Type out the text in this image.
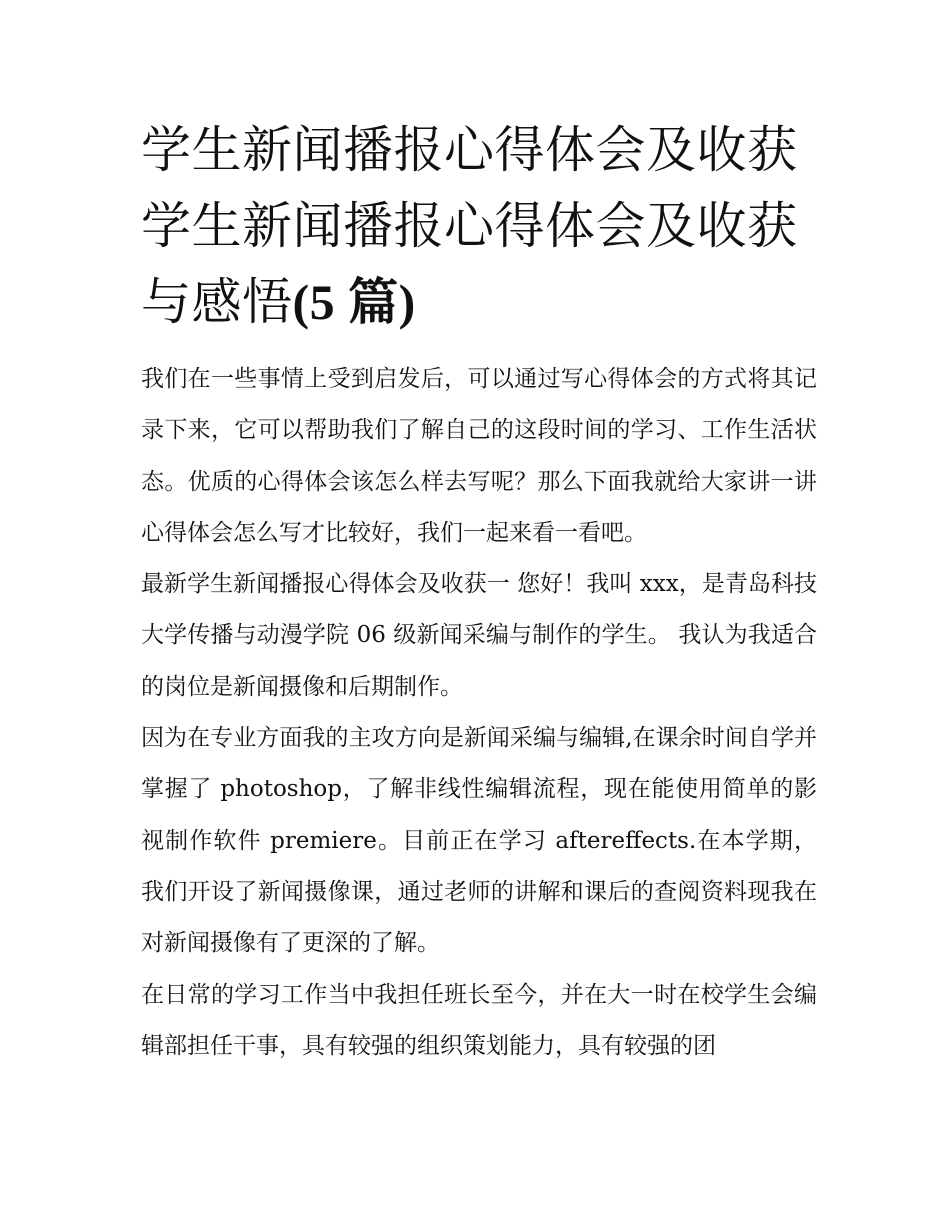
学生新闻播报心得体会及收获
学生新闻播报心得体会及收获
与感悟(5 篇)

我们在一些事情上受到启发后，可以通过写心得体会的方式将其记录下来，它可以帮助我们了解自己的这段时间的学习、工作生活状态。优质的心得体会该怎么样去写呢？那么下面我就给大家讲一讲心得体会怎么写才比较好，我们一起来看一看吧。

最新学生新闻播报心得体会及收获一 您好！我叫 xxx，是青岛科技大学传播与动漫学院 06 级新闻采编与制作的学生。 我认为我适合的岗位是新闻摄像和后期制作。

因为在专业方面我的主攻方向是新闻采编与编辑,在课余时间自学并掌握了 photoshop，了解非线性编辑流程，现在能使用简单的影视制作软件 premiere。目前正在学习 aftereffects.在本学期，我们开设了新闻摄像课，通过老师的讲解和课后的查阅资料现我在对新闻摄像有了更深的了解。

在日常的学习工作当中我担任班长至今，并在大一时在校学生会编辑部担任干事，具有较强的组织策划能力，具有较强的团
